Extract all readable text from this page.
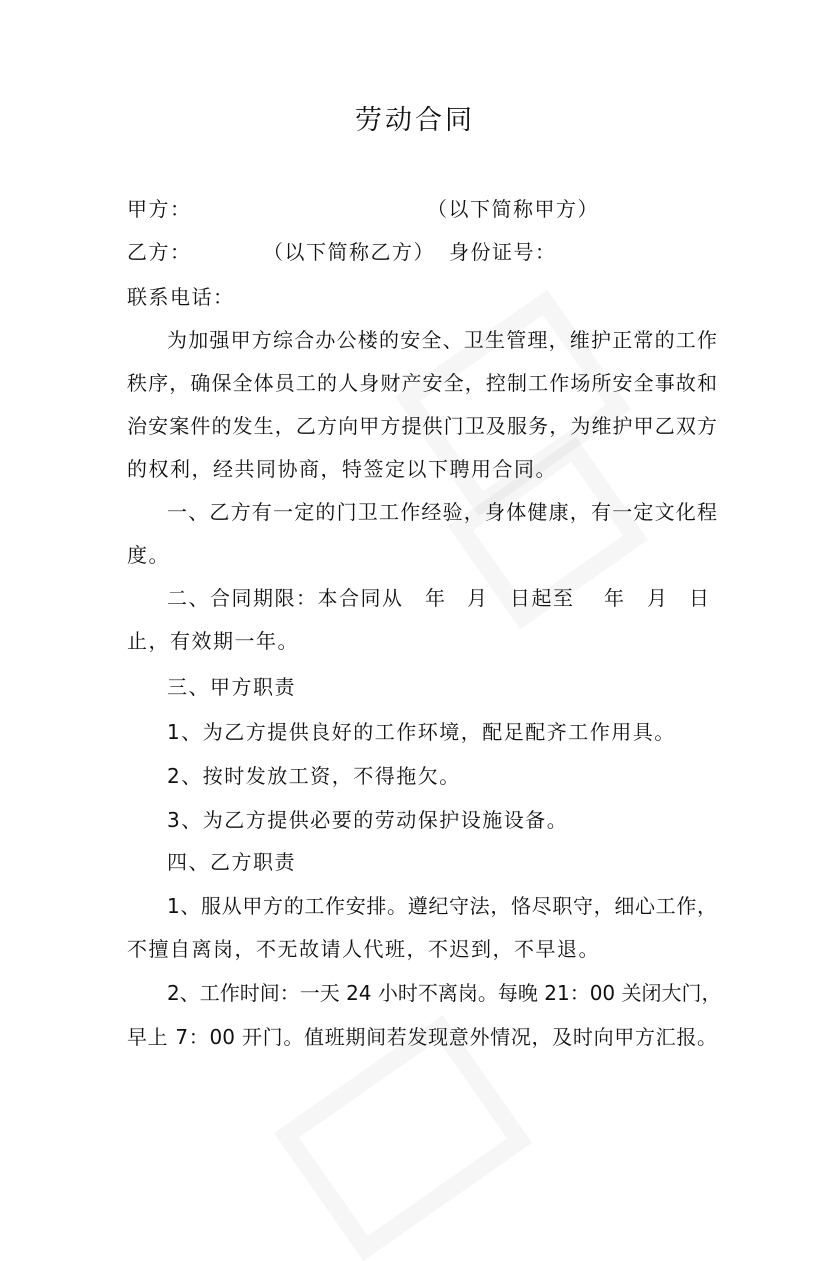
劳动合同
甲方：	（以下简称甲方）
乙方：	（以下简称乙方） 身份证号：
联系电话：
为加强甲方综合办公楼的安全、卫生管理，维护正常的工作
秩序，确保全体员工的人身财产安全，控制工作场所安全事故和
治安案件的发生，乙方向甲方提供门卫及服务，为维护甲乙双方
的权利，经共同协商，特签定以下聘用合同。
一、乙方有一定的门卫工作经验，身体健康，有一定文化程
度。
二、合同期限：本合同从 年 月 日起至 年 月 日
止，有效期一年。
三、甲方职责
1、为乙方提供良好的工作环境，配足配齐工作用具。
2、按时发放工资，不得拖欠。
3、为乙方提供必要的劳动保护设施设备。
四、乙方职责
1、服从甲方的工作安排。遵纪守法，恪尽职守，细心工作，
不擅自离岗，不无故请人代班，不迟到，不早退。
2、工作时间：一天 24 小时不离岗。每晚 21：00 关闭大门，
早上 7：00 开门。值班期间若发现意外情况，及时向甲方汇报。
